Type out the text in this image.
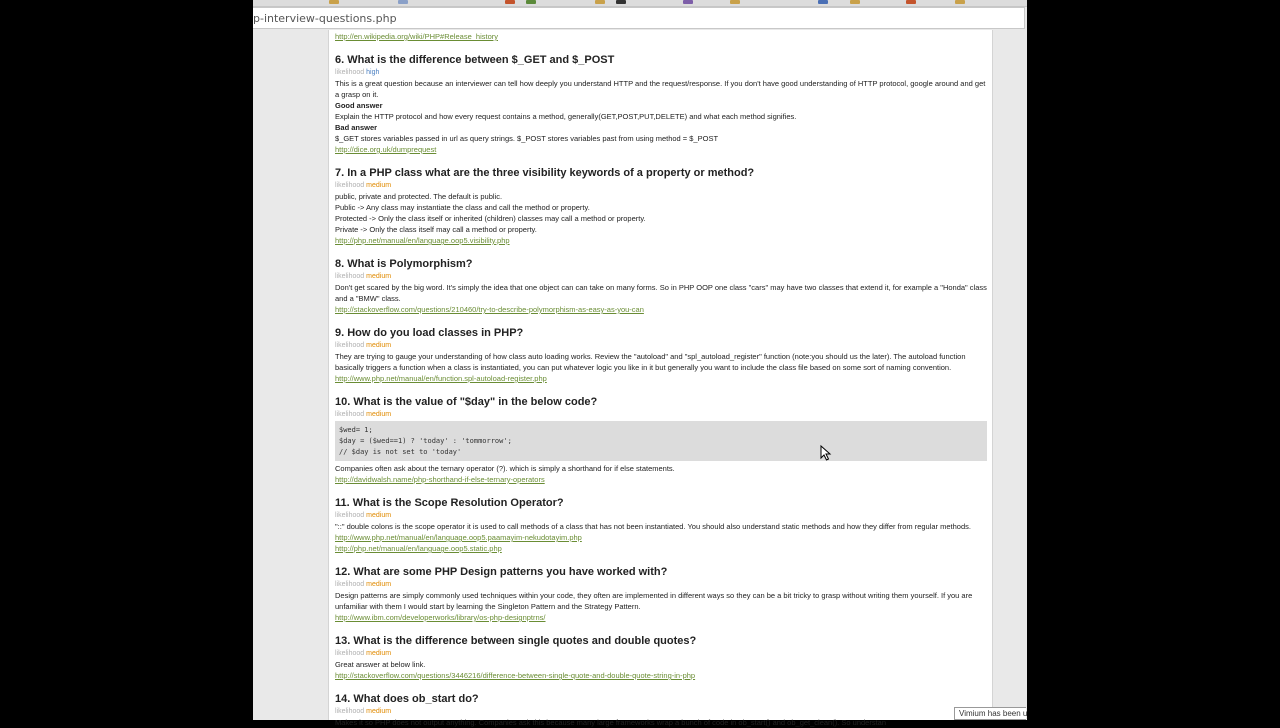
p-interview-questions.php
http://en.wikipedia.org/wiki/PHP#Release_history
6. What is the difference between $_GET and $_POST
likelihood high

This is a great question because an interviewer can tell how deeply you understand HTTP and the request/response. If you don't have good understanding of HTTP protocol, google around and get a grasp on it.

Good answer

Explain the HTTP protocol and how every request contains a method, generally(GET,POST,PUT,DELETE) and what each method signifies.

Bad answer

$_GET stores variables passed in url as query strings. $_POST stores variables past from using method = $_POST

http://dice.org.uk/dumprequest
7. In a PHP class what are the three visibility keywords of a property or method?
likelihood medium

public, private and protected. The default is public.

Public -> Any class may instantiate the class and call the method or property.

Protected -> Only the class itself or inherited (children) classes may call a method or property.

Private -> Only the class itself may call a method or property.

http://php.net/manual/en/language.oop5.visibility.php
8. What is Polymorphism?
likelihood medium

Don't get scared by the big word. It's simply the idea that one object can can take on many forms. So in PHP OOP one class "cars" may have two classes that extend it, for example a "Honda" class and a "BMW" class.

http://stackoverflow.com/questions/210460/try-to-describe-polymorphism-as-easy-as-you-can
9. How do you load classes in PHP?
likelihood medium

They are trying to gauge your understanding of how class auto loading works. Review the "autoload" and "spl_autoload_register" function (note:you should us the later). The autoload function basically triggers a function when a class is instantiated, you can put whatever logic you like in it but generally you want to include the class file based on some sort of naming convention.

http://www.php.net/manual/en/function.spl-autoload-register.php
10. What is the value of "$day" in the below code?
likelihood medium
$wed= 1;
$day = ($wed==1) ? 'today' : 'tommorrow';
// $day is not set to 'today'

Companies often ask about the ternary operator (?). which is simply a shorthand for if else statements.

http://davidwalsh.name/php-shorthand-if-else-ternary-operators
11. What is the Scope Resolution Operator?
likelihood medium

"::" double colons is the scope operator it is used to call methods of a class that has not been instantiated. You should also understand static methods and how they differ from regular methods.

http://www.php.net/manual/en/language.oop5.paamayim-nekudotayim.php
http://php.net/manual/en/language.oop5.static.php
12. What are some PHP Design patterns you have worked with?
likelihood medium

Design patterns are simply commonly used techniques within your code, they often are implemented in different ways so they can be a bit tricky to grasp without writing them yourself. If you are unfamiliar with them I would start by learning the Singleton Pattern and the Strategy Pattern.

http://www.ibm.com/developerworks/library/os-php-designptrns/
13. What is the difference between single quotes and double quotes?
likelihood medium

Great answer at below link.

http://stackoverflow.com/questions/3446216/difference-between-single-quote-and-double-quote-string-in-php
14. What does ob_start do?
likelihood medium

Makes it so PHP does not output anything. Companies ask this because many large frameworks wrap a bunch of code in ob_start() and ob_get_clean(). So understan

Vimium has been u
